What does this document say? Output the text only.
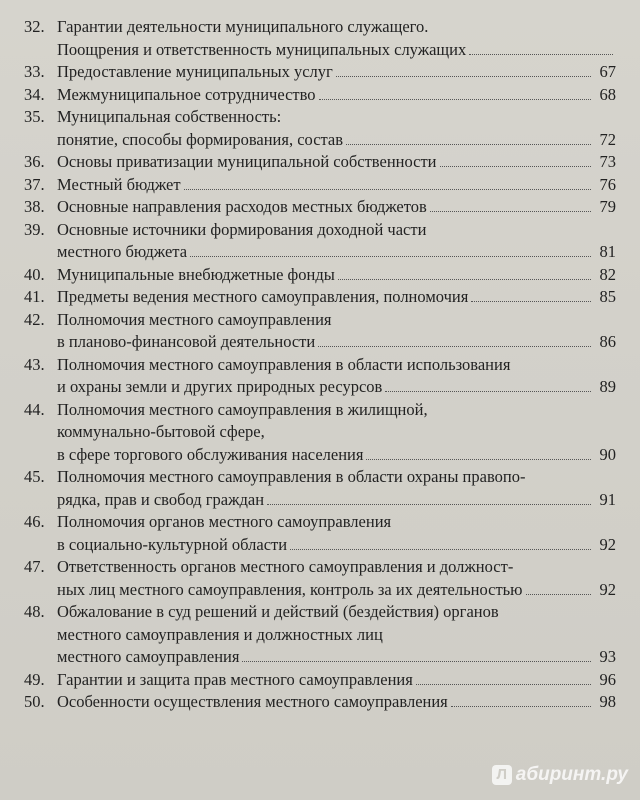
32. Гарантии деятельности муниципального служащего.
Поощрения и ответственность муниципальных служащих
33. Предоставление муниципальных услуг	67
34. Межмуниципальное сотрудничество	68
35. Муниципальная собственность:
понятие, способы формирования, состав	72
36. Основы приватизации муниципальной собственности	73
37. Местный бюджет	76
38. Основные направления расходов местных бюджетов	79
39. Основные источники формирования доходной части
местного бюджета	81
40. Муниципальные внебюджетные фонды	82
41. Предметы ведения местного самоуправления, полномочия	85
42. Полномочия местного самоуправления
в планово-финансовой деятельности	86
43. Полномочия местного самоуправления в области использования
и охраны земли и других природных ресурсов	89
44. Полномочия местного самоуправления в жилищной,
коммунально-бытовой сфере,
в сфере торгового обслуживания населения	90
45. Полномочия местного самоуправления в области охраны правопо-
рядка, прав и свобод граждан	91
46. Полномочия органов местного самоуправления
в социально-культурной области	92
47. Ответственность органов местного самоуправления и должност-
ных лиц местного самоуправления, контроль за их деятельностью	92
48. Обжалование в суд решений и действий (бездействия) органов
местного самоуправления и должностных лиц
местного самоуправления	93
49. Гарантии и защита прав местного самоуправления	96
50. Особенности осуществления местного самоуправления	98
Л абиринт.ру
